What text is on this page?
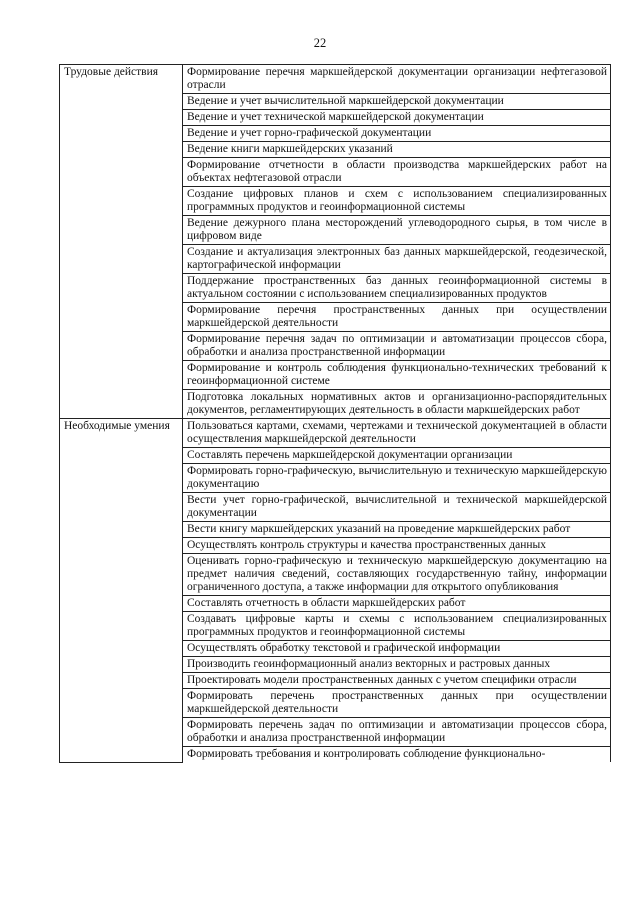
22
Трудовые действия	Формирование перечня маркшейдерской документации организации нефтегазовой отрасли
	Ведение и учет вычислительной маркшейдерской документации
	Ведение и учет технической маркшейдерской документации
	Ведение и учет горно-графической документации
	Ведение книги маркшейдерских указаний
	Формирование отчетности в области производства маркшейдерских работ на объектах нефтегазовой отрасли
	Создание цифровых планов и схем с использованием специализированных программных продуктов и геоинформационной системы
	Ведение дежурного плана месторождений углеводородного сырья, в том числе в цифровом виде
	Создание и актуализация электронных баз данных маркшейдерской, геодезической, картографической информации
	Поддержание пространственных баз данных геоинформационной системы в актуальном состоянии с использованием специализированных продуктов
	Формирование перечня пространственных данных при осуществлении маркшейдерской деятельности
	Формирование перечня задач по оптимизации и автоматизации процессов сбора, обработки и анализа пространственной информации
	Формирование и контроль соблюдения функционально-технических требований к геоинформационной системе
	Подготовка локальных нормативных актов и организационно-распорядительных документов, регламентирующих деятельность в области маркшейдерских работ
Необходимые умения	Пользоваться картами, схемами, чертежами и технической документацией в области осуществления маркшейдерской деятельности
	Составлять перечень маркшейдерской документации организации
	Формировать горно-графическую, вычислительную и техническую маркшейдерскую документацию
	Вести учет горно-графической, вычислительной и технической маркшейдерской документации
	Вести книгу маркшейдерских указаний на проведение маркшейдерских работ
	Осуществлять контроль структуры и качества пространственных данных
	Оценивать горно-графическую и техническую маркшейдерскую документацию на предмет наличия сведений, составляющих государственную тайну, информации ограниченного доступа, а также информации для открытого опубликования
	Составлять отчетность в области маркшейдерских работ
	Создавать цифровые карты и схемы с использованием специализированных программных продуктов и геоинформационной системы
	Осуществлять обработку текстовой и графической информации
	Производить геоинформационный анализ векторных и растровых данных
	Проектировать модели пространственных данных с учетом специфики отрасли
	Формировать перечень пространственных данных при осуществлении маркшейдерской деятельности
	Формировать перечень задач по оптимизации и автоматизации процессов сбора, обработки и анализа пространственной информации
	Формировать требования и контролировать соблюдение функционально-
